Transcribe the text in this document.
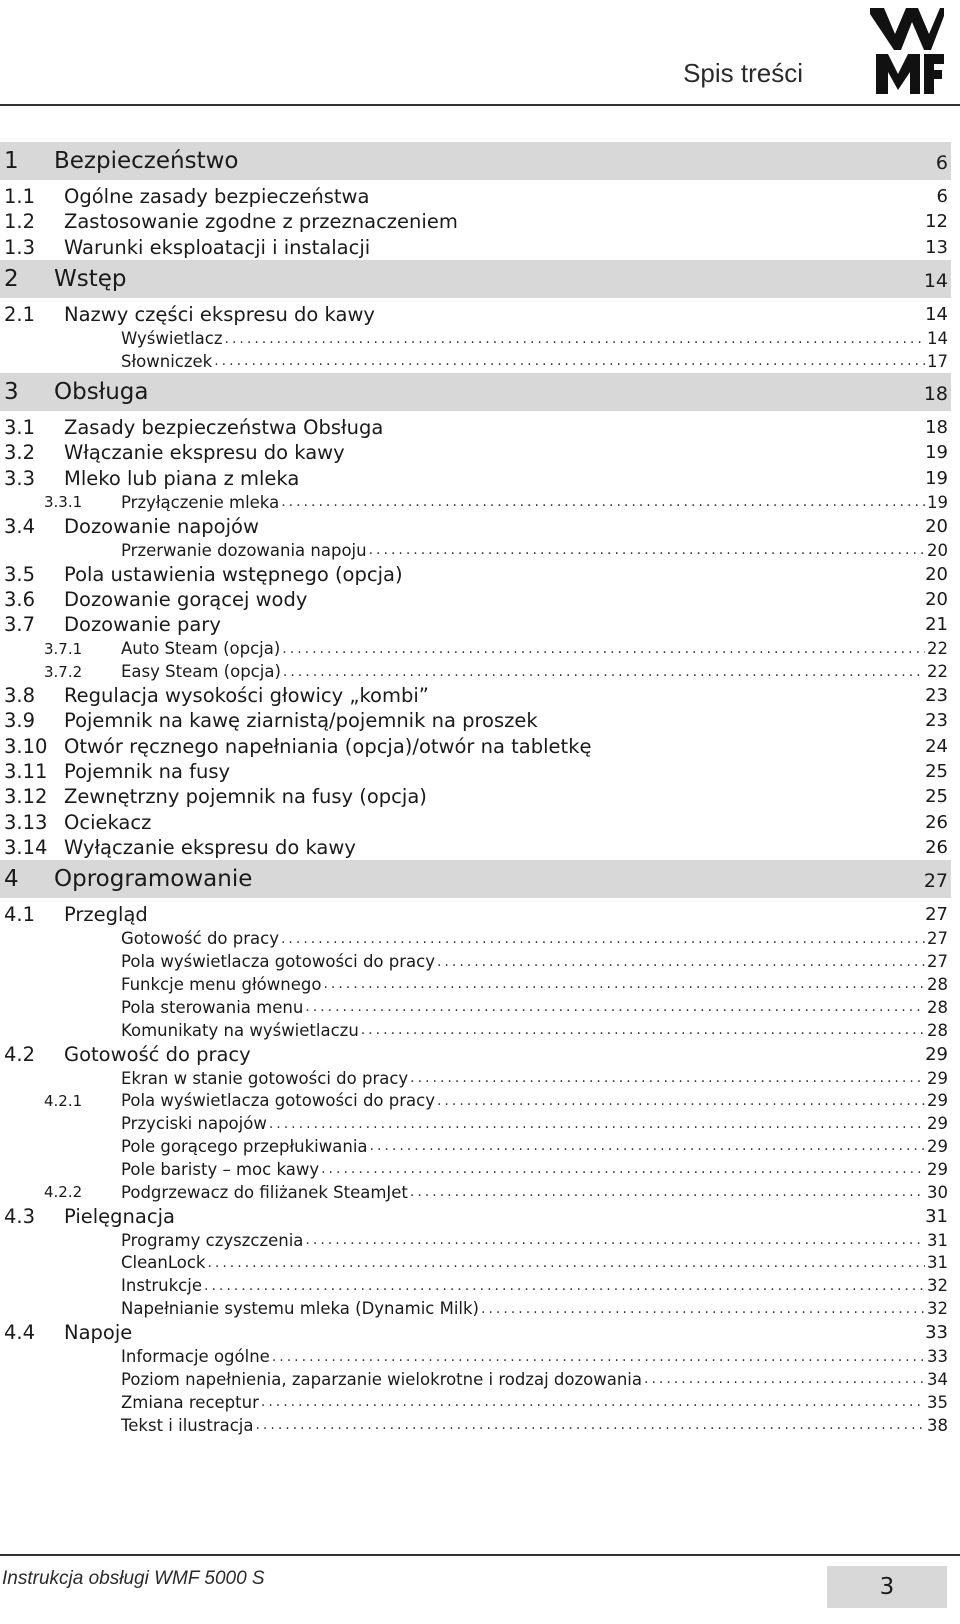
Spis treści
1	Bezpieczeństwo	6
1.1	Ogólne zasady bezpieczeństwa	6
1.2	Zastosowanie zgodne z przeznaczeniem	12
1.3	Warunki eksploatacji i instalacji	13
2	Wstęp	14
2.1	Nazwy części ekspresu do kawy	14
Wyświetlacz .....	14
Słowniczek .....	17
3	Obsługa	18
3.1	Zasady bezpieczeństwa Obsługa	18
3.2	Włączanie ekspresu do kawy	19
3.3	Mleko lub piana z mleka	19
3.3.1	Przyłączenie mleka .....	19
3.4	Dozowanie napojów	20
Przerwanie dozowania napoju .....	20
3.5	Pola ustawienia wstępnego (opcja)	20
3.6	Dozowanie gorącej wody	20
3.7	Dozowanie pary	21
3.7.1	Auto Steam (opcja) .....	22
3.7.2	Easy Steam (opcja) .....	22
3.8	Regulacja wysokości głowicy „kombi”	23
3.9	Pojemnik na kawę ziarnistą/pojemnik na proszek	23
3.10 Otwór ręcznego napełniania (opcja)/otwór na tabletkę	24
3.11 Pojemnik na fusy	25
3.12 Zewnętrzny pojemnik na fusy (opcja)	25
3.13 Ociekacz	26
3.14 Wyłączanie ekspresu do kawy	26
4	Oprogramowanie	27
4.1	Przegląd	27
Gotowość do pracy .....	27
Pola wyświetlacza gotowości do pracy .....	27
Funkcje menu głównego .....	28
Pola sterowania menu .....	28
Komunikaty na wyświetlaczu .....	28
4.2	Gotowość do pracy	29
Ekran w stanie gotowości do pracy .....	29
4.2.1	Pola wyświetlacza gotowości do pracy .....	29
Przyciski napojów .....	29
Pole gorącego przepłukiwania .....	29
Pole baristy – moc kawy .....	29
4.2.2	Podgrzewacz do filiżanek SteamJet .....	30
4.3	Pielęgnacja	31
Programy czyszczenia .....	31
CleanLock .....	31
Instrukcje .....	32
Napełnianie systemu mleka (Dynamic Milk) .....	32
4.4	Napoje	33
Informacje ogólne .....	33
Poziom napełnienia, zaparzanie wielokrotne i rodzaj dozowania .....	34
Zmiana receptur .....	35
Tekst i ilustracja .....	38
Instrukcja obsługi WMF 5000 S	3
